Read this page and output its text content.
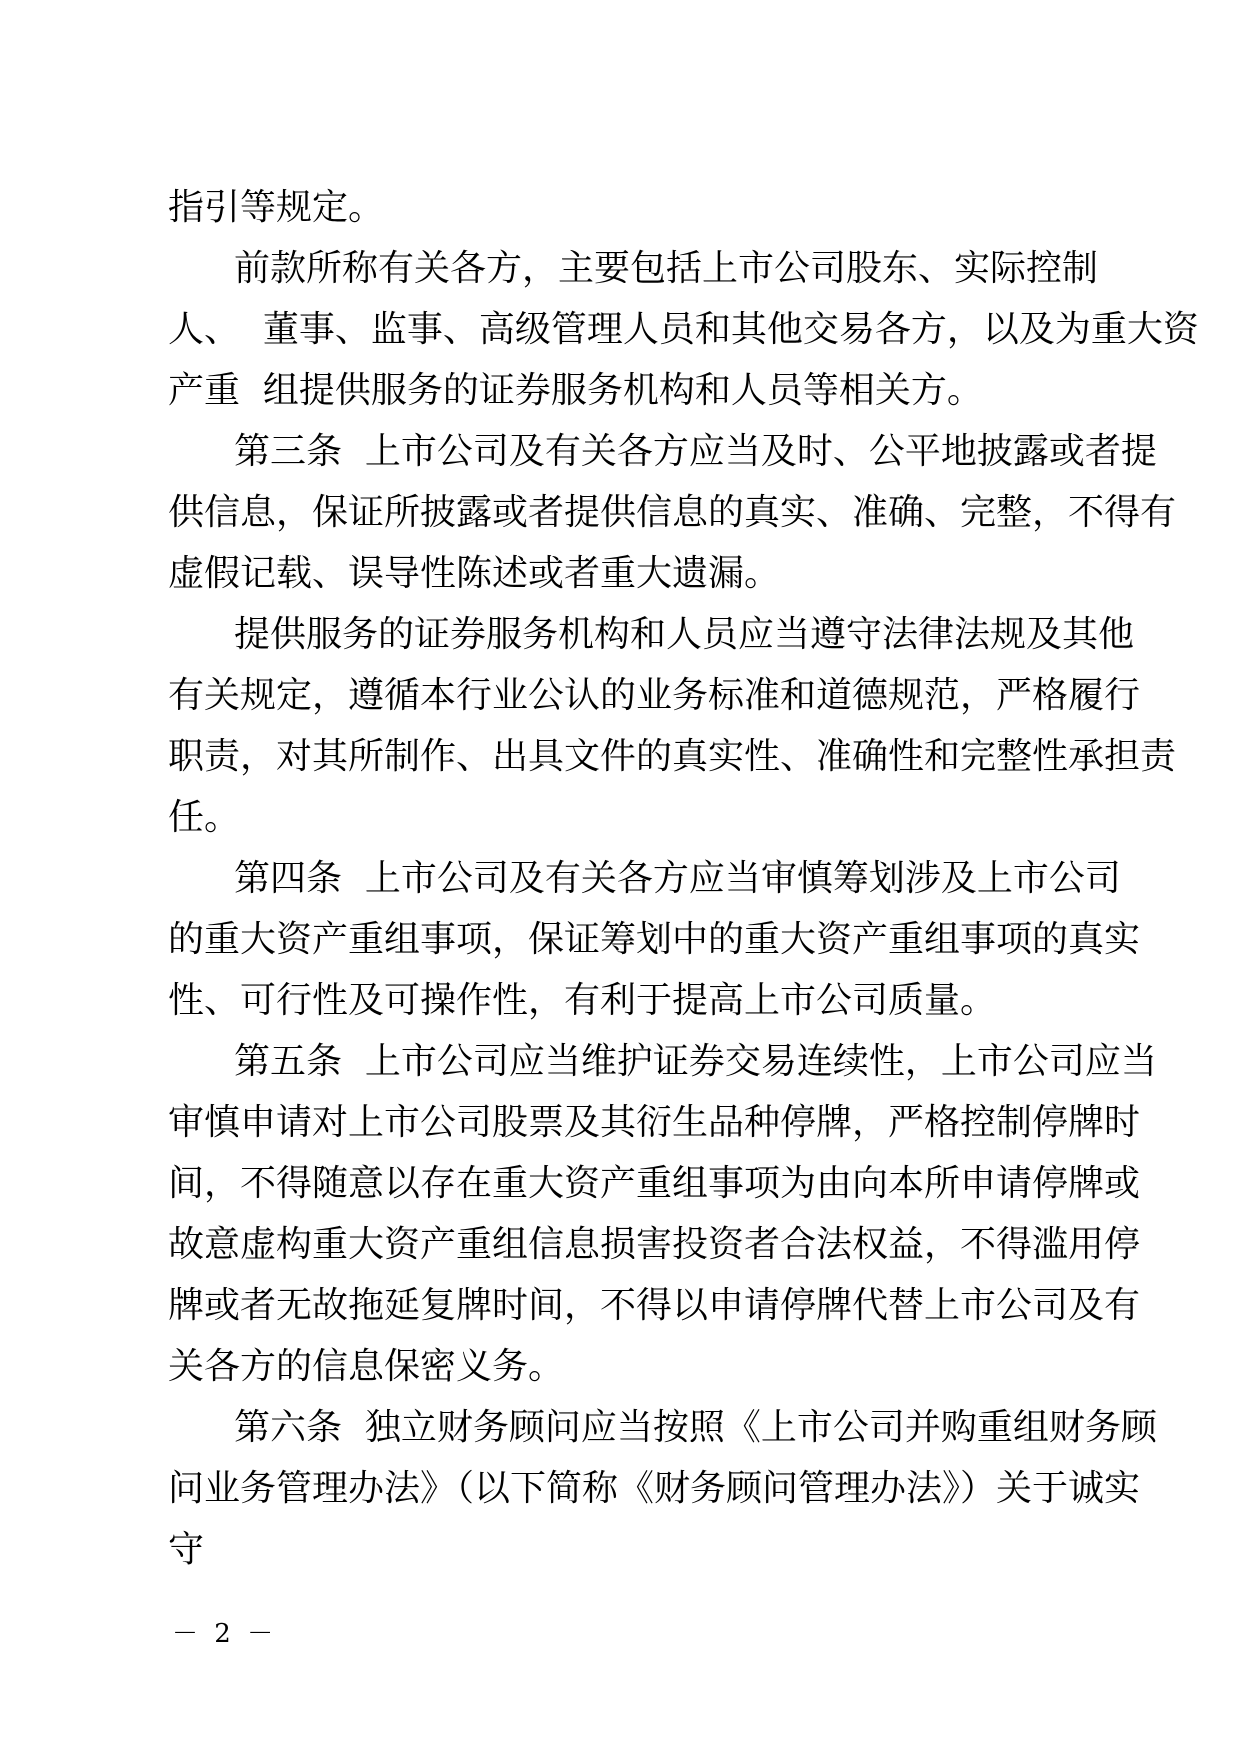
指引等规定。
前款所称有关各方，主要包括上市公司股东、实际控制
人、  董事、监事、高级管理人员和其他交易各方，以及为重大资
产重  组提供服务的证券服务机构和人员等相关方。
第三条  上市公司及有关各方应当及时、公平地披露或者提
供信息，保证所披露或者提供信息的真实、准确、完整，不得有
虚假记载、误导性陈述或者重大遗漏。
提供服务的证券服务机构和人员应当遵守法律法规及其他
有关规定，遵循本行业公认的业务标准和道德规范，严格履行
职责，对其所制作、出具文件的真实性、准确性和完整性承担责
任。
第四条  上市公司及有关各方应当审慎筹划涉及上市公司
的重大资产重组事项，保证筹划中的重大资产重组事项的真实
性、可行性及可操作性，有利于提高上市公司质量。
第五条  上市公司应当维护证券交易连续性，上市公司应当
审慎申请对上市公司股票及其衍生品种停牌，严格控制停牌时
间，不得随意以存在重大资产重组事项为由向本所申请停牌或
故意虚构重大资产重组信息损害投资者合法权益，不得滥用停
牌或者无故拖延复牌时间，不得以申请停牌代替上市公司及有
关各方的信息保密义务。
第六条  独立财务顾问应当按照《上市公司并购重组财务顾
问业务管理办法》（以下简称《财务顾问管理办法》）关于诚实
守
－ 2 －
